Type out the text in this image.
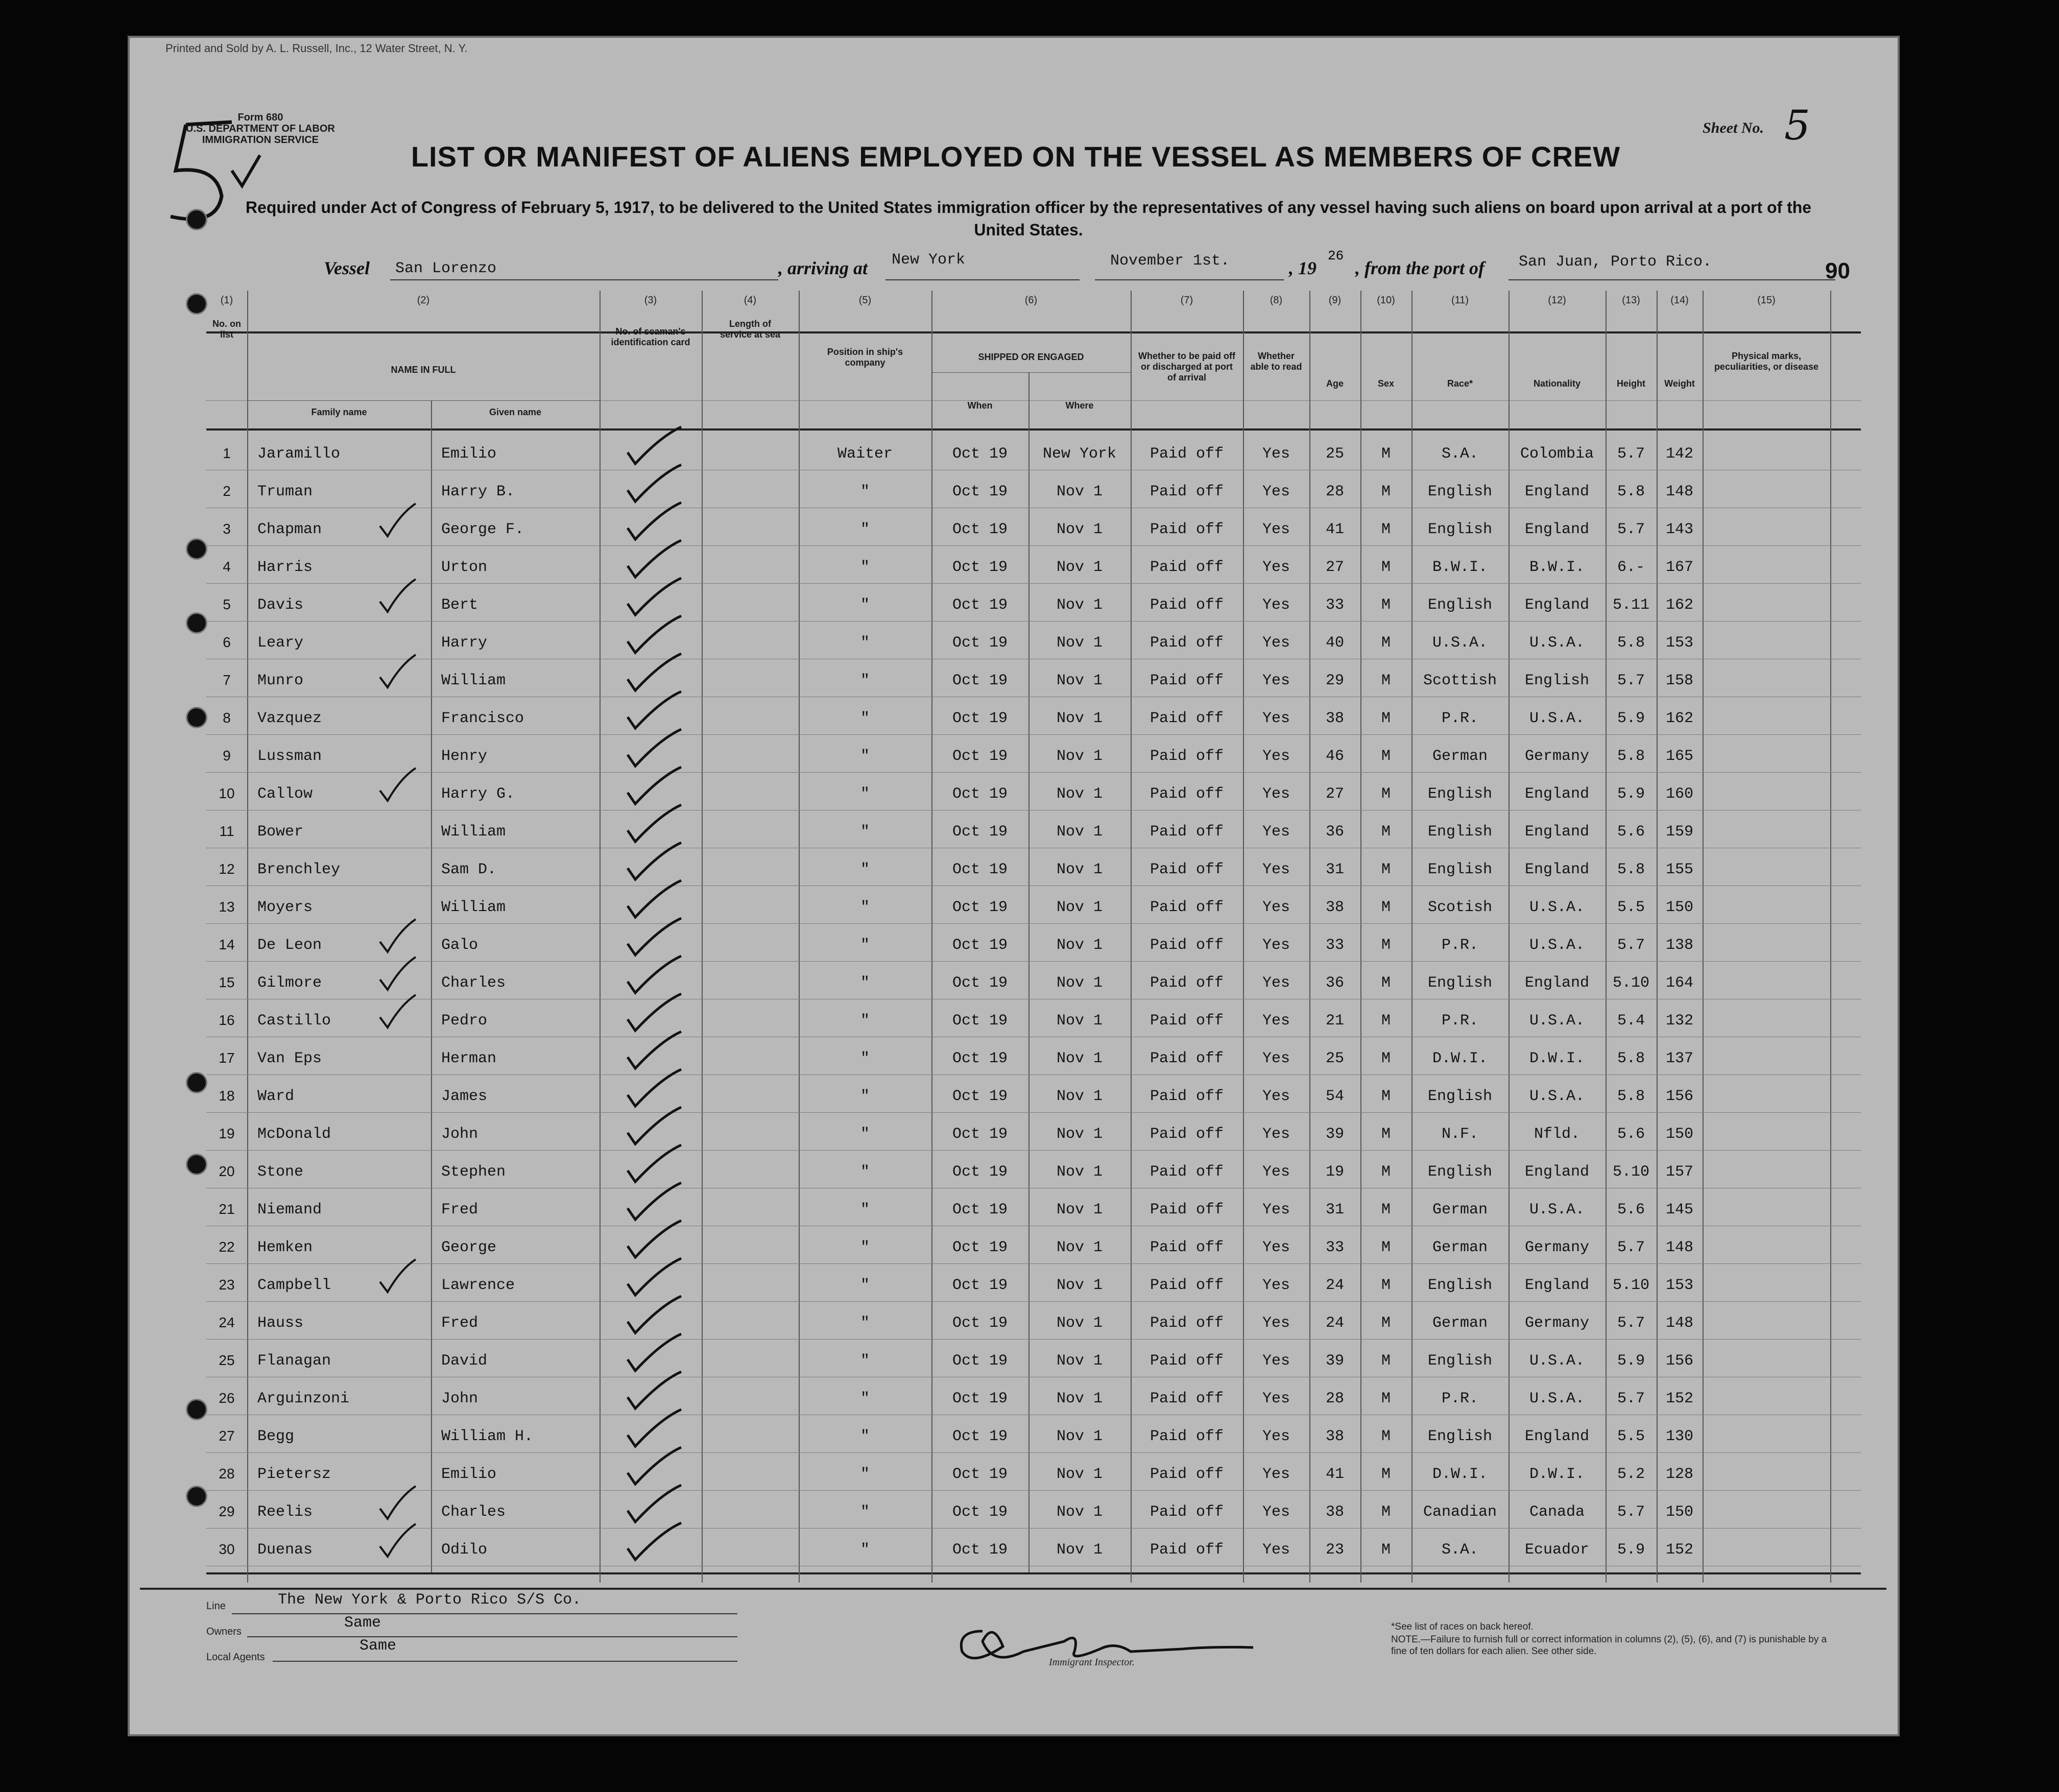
Printed and Sold by A. L. Russell, Inc., 12 Water Street, N. Y.
Form 680
U.S. DEPARTMENT OF LABOR
IMMIGRATION SERVICE
Sheet No. 5
LIST OR MANIFEST OF ALIENS EMPLOYED ON THE VESSEL AS MEMBERS OF CREW
Required under Act of Congress of February 5, 1917, to be delivered to the United States immigration officer by the representatives of any vessel having such aliens on board upon arrival at a port of the United States.
Vessel San Lorenzo	, arriving at New York	November 1st.	, 19
26
, from the port of San Juan, Porto Rico.	90
(1)	(2)	(3)	(4)	(5)	(6)	(7)	(8)	(9)	(10)	(11)	(12)	(13)	(14)	(15)
No. on list
NAME IN FULL
Family name	Given name
No. of seaman's identification card
Length of service at sea
Position in ship's company
SHIPPED OR ENGAGED
When	Where
Whether to be paid off or discharged at port of arrival
Whether able to read
Age	Sex	Race*	Nationality	Height	Weight
Physical marks, peculiarities, or disease
1	Jaramillo	Emilio	Waiter	Oct 19	New York	Paid off	Yes	25	M	S.A.	Colombia	5.7	142
2	Truman	Harry B.	"	Oct 19	Nov 1	Paid off	Yes	28	M	English	England	5.8	148
3	Chapman	George F.	"	Oct 19	Nov 1	Paid off	Yes	41	M	English	England	5.7	143
4	Harris	Urton	"	Oct 19	Nov 1	Paid off	Yes	27	M	B.W.I.	B.W.I.	6.-	167
5	Davis	Bert	"	Oct 19	Nov 1	Paid off	Yes	33	M	English	England	5.11	162
6	Leary	Harry	"	Oct 19	Nov 1	Paid off	Yes	40	M	U.S.A.	U.S.A.	5.8	153
7	Munro	William	"	Oct 19	Nov 1	Paid off	Yes	29	M	Scottish	English	5.7	158
8	Vazquez	Francisco	"	Oct 19	Nov 1	Paid off	Yes	38	M	P.R.	U.S.A.	5.9	162
9	Lussman	Henry	"	Oct 19	Nov 1	Paid off	Yes	46	M	German	Germany	5.8	165
10	Callow	Harry G.	"	Oct 19	Nov 1	Paid off	Yes	27	M	English	England	5.9	160
11	Bower	William	"	Oct 19	Nov 1	Paid off	Yes	36	M	English	England	5.6	159
12	Brenchley	Sam D.	"	Oct 19	Nov 1	Paid off	Yes	31	M	English	England	5.8	155
13	Moyers	William	"	Oct 19	Nov 1	Paid off	Yes	38	M	Scotish	U.S.A.	5.5	150
14	De Leon	Galo	"	Oct 19	Nov 1	Paid off	Yes	33	M	P.R.	U.S.A.	5.7	138
15	Gilmore	Charles	"	Oct 19	Nov 1	Paid off	Yes	36	M	English	England	5.10	164
16	Castillo	Pedro	"	Oct 19	Nov 1	Paid off	Yes	21	M	P.R.	U.S.A.	5.4	132
17	Van Eps	Herman	"	Oct 19	Nov 1	Paid off	Yes	25	M	D.W.I.	D.W.I.	5.8	137
18	Ward	James	"	Oct 19	Nov 1	Paid off	Yes	54	M	English	U.S.A.	5.8	156
19	McDonald	John	"	Oct 19	Nov 1	Paid off	Yes	39	M	N.F.	Nfld.	5.6	150
20	Stone	Stephen	"	Oct 19	Nov 1	Paid off	Yes	19	M	English	England	5.10	157
21	Niemand	Fred	"	Oct 19	Nov 1	Paid off	Yes	31	M	German	U.S.A.	5.6	145
22	Hemken	George	"	Oct 19	Nov 1	Paid off	Yes	33	M	German	Germany	5.7	148
23	Campbell	Lawrence	"	Oct 19	Nov 1	Paid off	Yes	24	M	English	England	5.10	153
24	Hauss	Fred	"	Oct 19	Nov 1	Paid off	Yes	24	M	German	Germany	5.7	148
25	Flanagan	David	"	Oct 19	Nov 1	Paid off	Yes	39	M	English	U.S.A.	5.9	156
26	Arguinzoni	John	"	Oct 19	Nov 1	Paid off	Yes	28	M	P.R.	U.S.A.	5.7	152
27	Begg	William H.	"	Oct 19	Nov 1	Paid off	Yes	38	M	English	England	5.5	130
28	Pietersz	Emilio	"	Oct 19	Nov 1	Paid off	Yes	41	M	D.W.I.	D.W.I.	5.2	128
29	Reelis	Charles	"	Oct 19	Nov 1	Paid off	Yes	38	M	Canadian	Canada	5.7	150
30	Duenas	Odilo	"	Oct 19	Nov 1	Paid off	Yes	23	M	S.A.	Ecuador	5.9	152
Line	The New York & Porto Rico S/S Co.
Owners	Same
Local Agents
Same
Immigrant Inspector.
*See list of races on back hereof.
NOTE.—Failure to furnish full or correct information in columns (2), (5), (6), and (7) is punishable by a fine of ten dollars for each alien. See other side.
